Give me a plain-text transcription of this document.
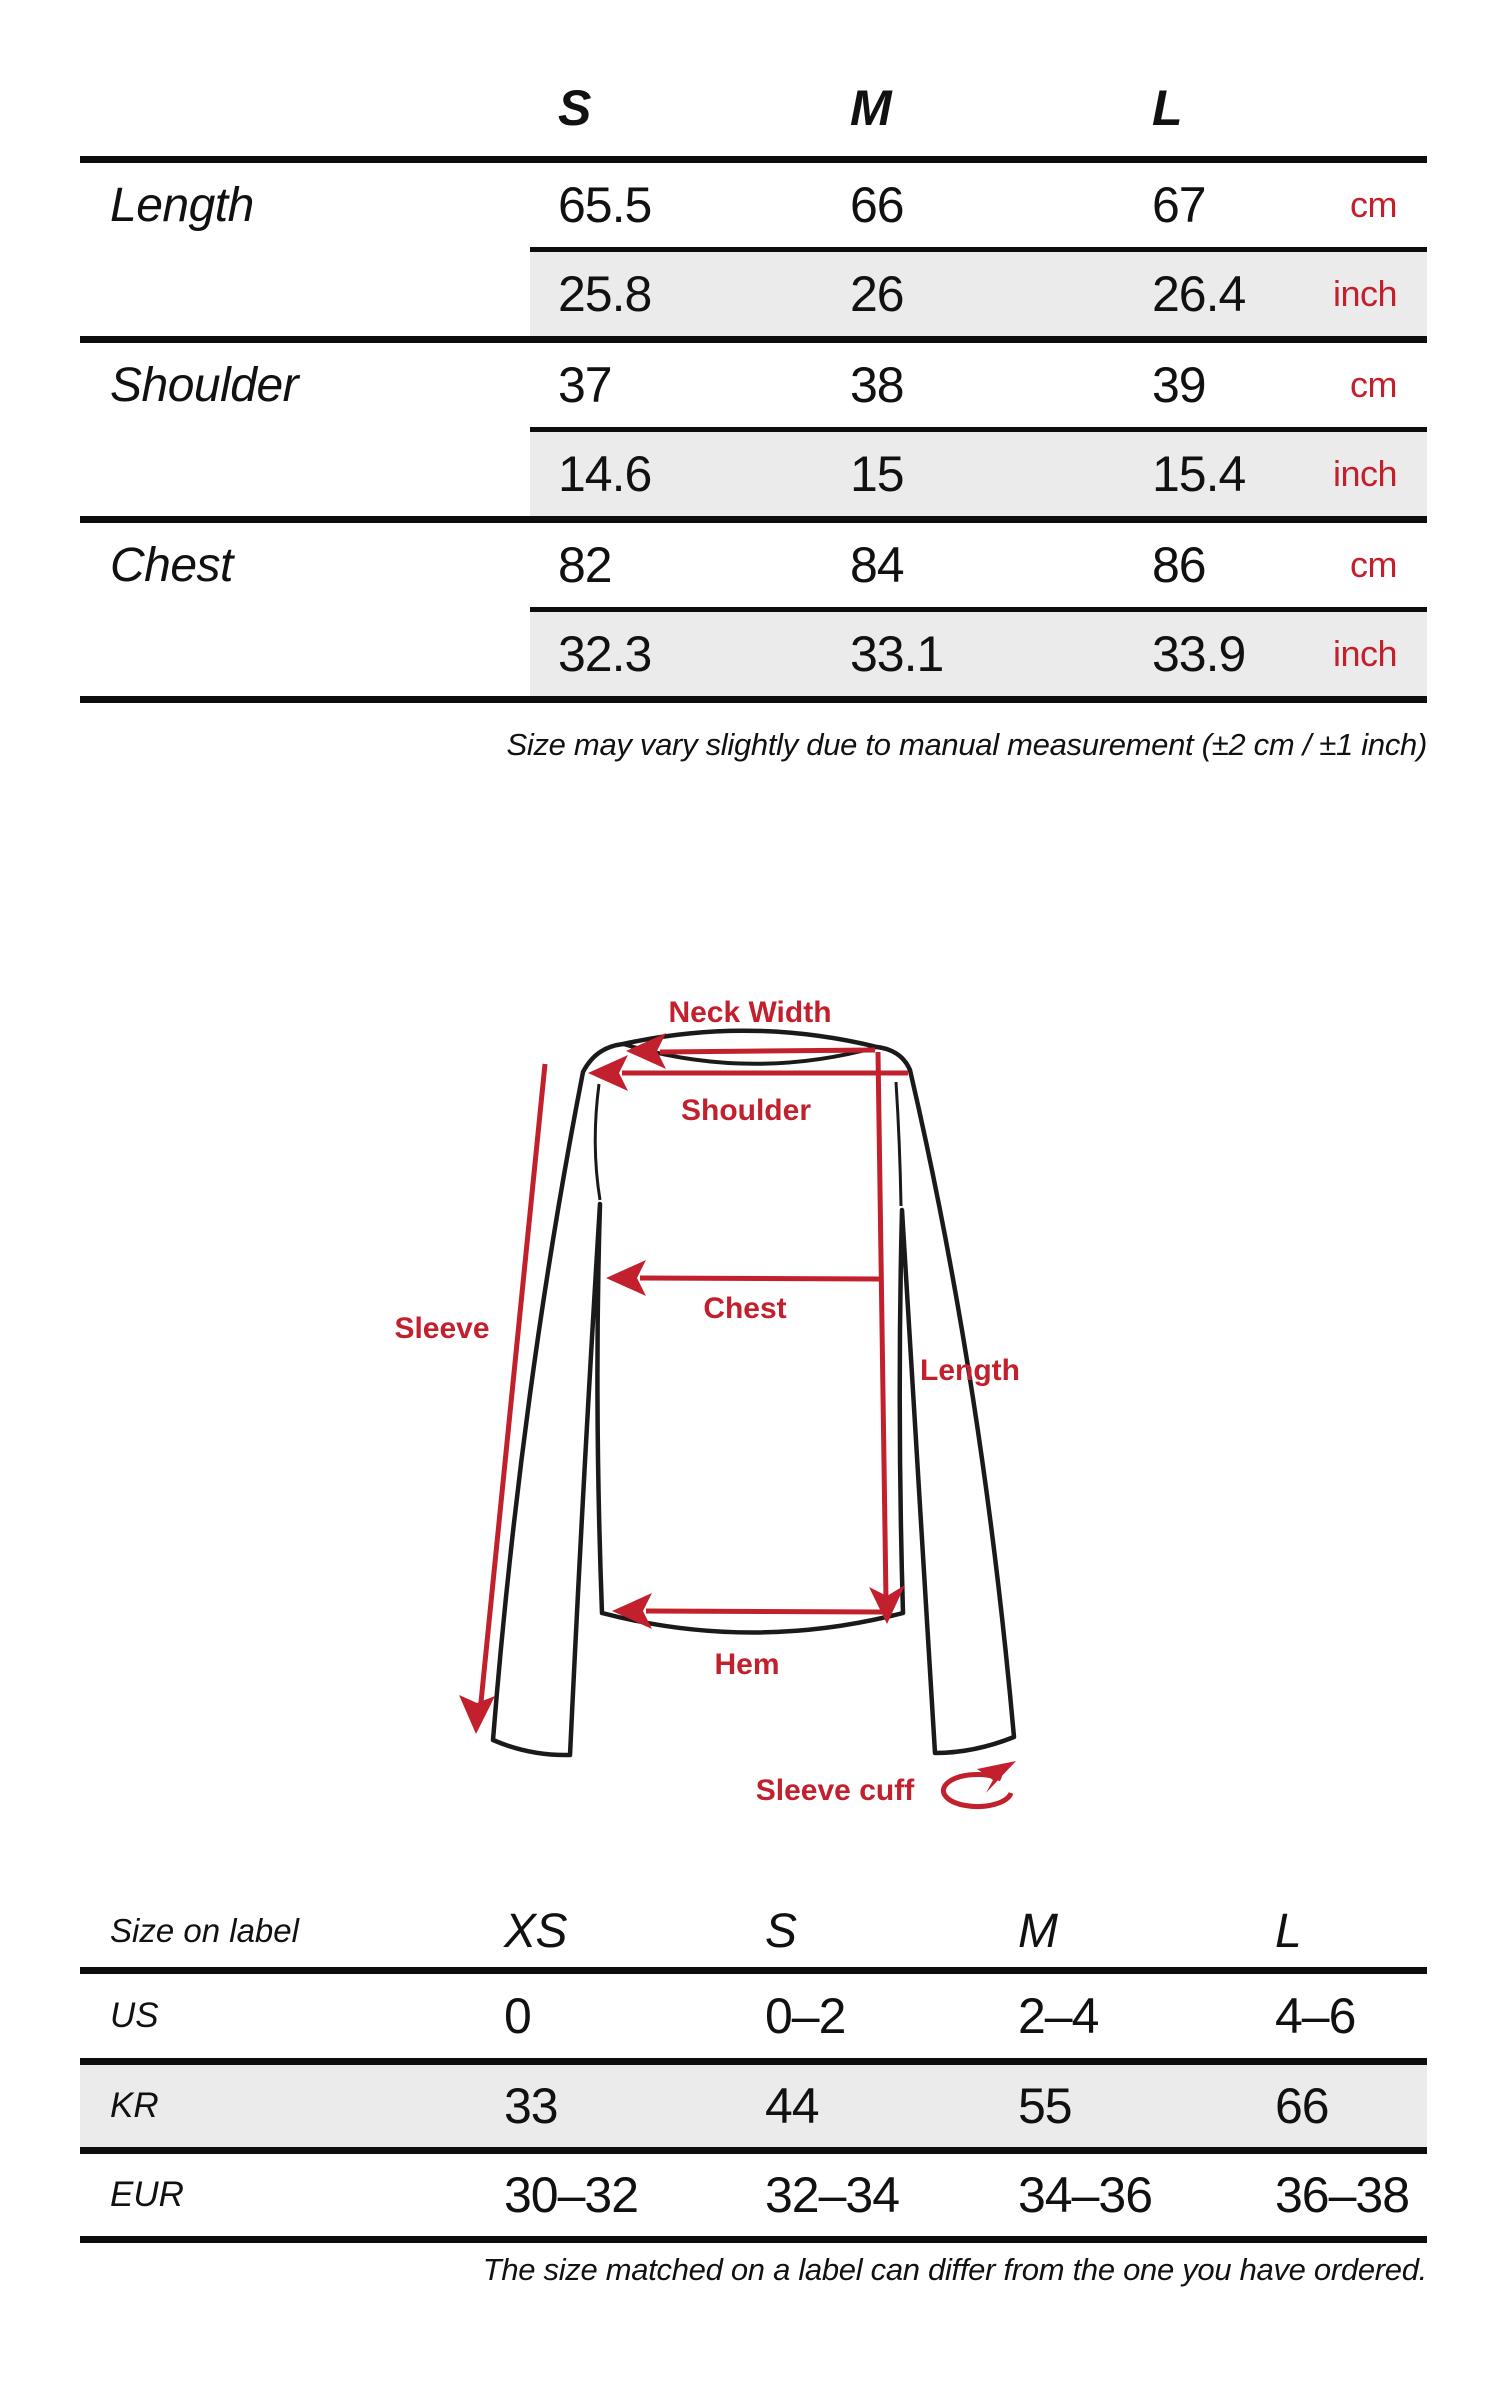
S	M	L
Length	65.5	66	67	cm
25.8	26	26.4	inch
Shoulder	37	38	39	cm
14.6	15	15.4	inch
Chest	82	84	86	cm
32.3	33.1	33.9	inch
Size may vary slightly due to manual measurement (±2 cm / ±1 inch)
Neck Width
Shoulder
Chest
Length
Sleeve
Hem
Sleeve cuff
Size on label	XS	S	M	L
US	0	0–2	2–4	4–6
KR	33	44	55	66
EUR	30–32	32–34	34–36	36–38
The size matched on a label can differ from the one you have ordered.
